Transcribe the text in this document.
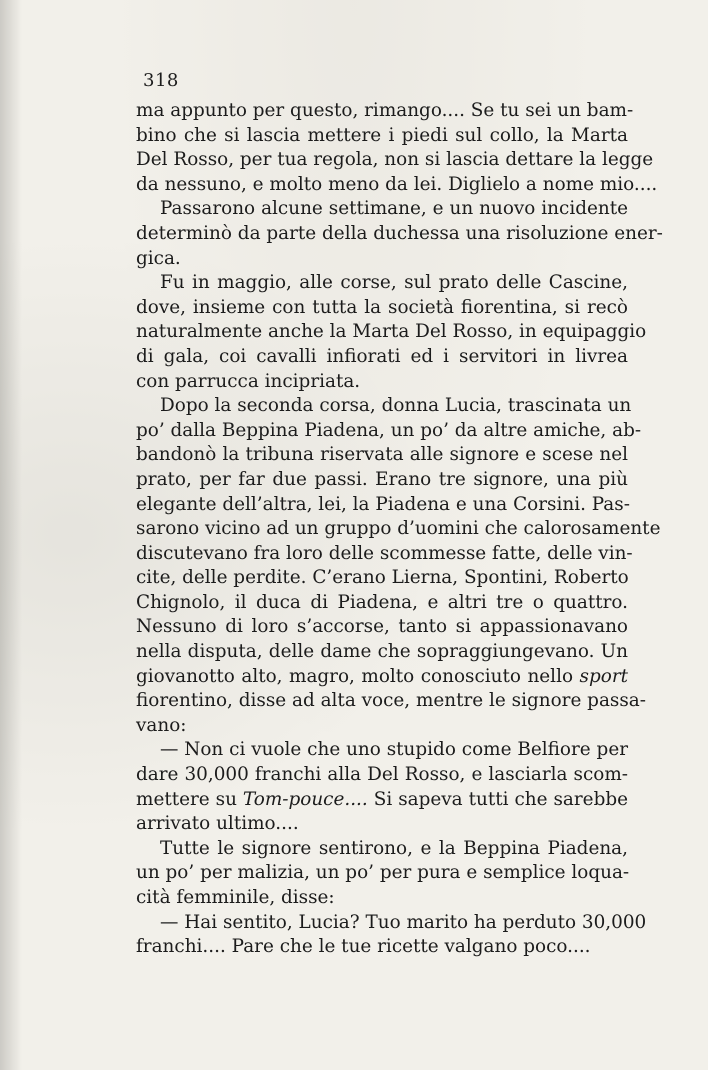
318

ma appunto per questo, rimango.... Se tu sei un bam-
bino che si lascia mettere i piedi sul collo, la Marta
Del Rosso, per tua regola, non si lascia dettare la legge
da nessuno, e molto meno da lei. Diglielo a nome mio....

Passarono alcune settimane, e un nuovo incidente
determinò da parte della duchessa una risoluzione ener-
gica.

Fu in maggio, alle corse, sul prato delle Cascine,
dove, insieme con tutta la società fiorentina, si recò
naturalmente anche la Marta Del Rosso, in equipaggio
di gala, coi cavalli infiorati ed i servitori in livrea
con parrucca incipriata.

Dopo la seconda corsa, donna Lucia, trascinata un
po’ dalla Beppina Piadena, un po’ da altre amiche, ab-
bandonò la tribuna riservata alle signore e scese nel
prato, per far due passi. Erano tre signore, una più
elegante dell’altra, lei, la Piadena e una Corsini. Pas-
sarono vicino ad un gruppo d’uomini che calorosamente
discutevano fra loro delle scommesse fatte, delle vin-
cite, delle perdite. C’erano Lierna, Spontini, Roberto
Chignolo, il duca di Piadena, e altri tre o quattro.
Nessuno di loro s’accorse, tanto si appassionavano
nella disputa, delle dame che sopraggiungevano. Un
giovanotto alto, magro, molto conosciuto nello sport
fiorentino, disse ad alta voce, mentre le signore passa-
vano:

— Non ci vuole che uno stupido come Belfiore per
dare 30,000 franchi alla Del Rosso, e lasciarla scom-
mettere su Tom-pouce.... Si sapeva tutti che sarebbe
arrivato ultimo....

Tutte le signore sentirono, e la Beppina Piadena,
un po’ per malizia, un po’ per pura e semplice loqua-
cità femminile, disse:

— Hai sentito, Lucia? Tuo marito ha perduto 30,000
franchi.... Pare che le tue ricette valgano poco....
